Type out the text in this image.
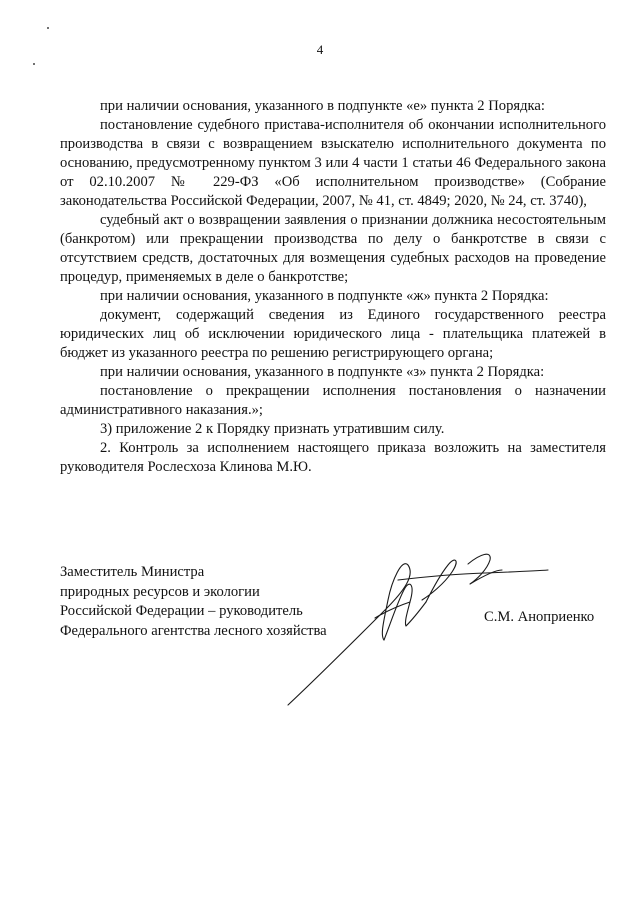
4

при наличии основания, указанного в подпункте «е» пункта 2 Порядка:

постановление судебного пристава-исполнителя об окончании исполнительного производства в связи с возвращением взыскателю исполнительного документа по основанию, предусмотренному пунктом 3 или 4 части 1 статьи 46 Федерального закона от 02.10.2007 № 229-ФЗ «Об исполнительном производстве» (Собрание законодательства Российской Федерации, 2007, № 41, ст. 4849; 2020, № 24, ст. 3740),

судебный акт о возвращении заявления о признании должника несостоятельным (банкротом) или прекращении производства по делу о банкротстве в связи с отсутствием средств, достаточных для возмещения судебных расходов на проведение процедур, применяемых в деле о банкротстве;

при наличии основания, указанного в подпункте «ж» пункта 2 Порядка:

документ, содержащий сведения из Единого государственного реестра юридических лиц об исключении юридического лица - плательщика платежей в бюджет из указанного реестра по решению регистрирующего органа;

при наличии основания, указанного в подпункте «з» пункта 2 Порядка:

постановление о прекращении исполнения постановления о назначении административного наказания.»;

3) приложение 2 к Порядку признать утратившим силу.

2. Контроль за исполнением настоящего приказа возложить на заместителя руководителя Рослесхоза Клинова М.Ю.

Заместитель Министра
природных ресурсов и экологии
Российской Федерации – руководитель
Федерального агентства лесного хозяйства
С.М. Аноприенко
